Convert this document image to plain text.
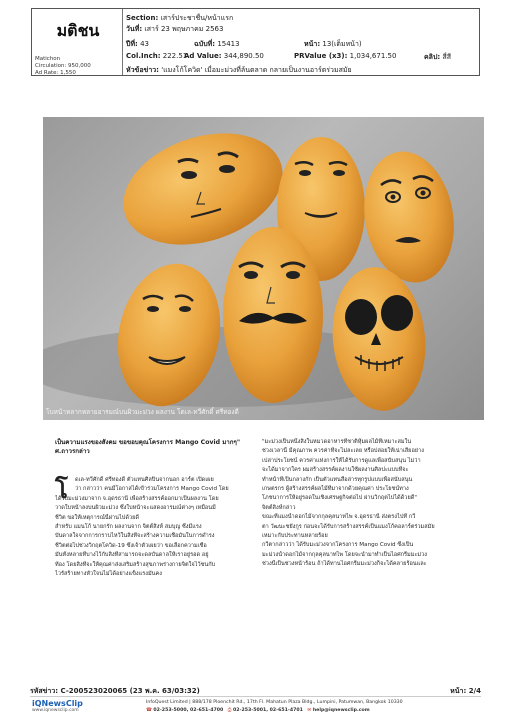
มติชน
Matichon
Circulation: 950,000
Ad Rate: 1,550
Section: เสาร์ประชาชื่น/หน้าแรก
วันที่: เสาร์ 23 พฤษภาคม 2563
ปีที่: 43	ฉบับที่: 15413	หน้า: 13(เต็มหน้า)
Col.Inch: 222.51
Ad Value: 344,890.50	PRValue (x3): 1,034,671.50	คลิป: สี่สี
หัวข้อข่าว: 'แมงโก้โควิด' เมื่อมะม่วงที่ล้นตลาด กลายเป็นงานอาร์ตร่วมสมัย
โบหน้าหลากหลายอารมณ์บนผิวมะม่วง ผลงาน โดเล-ทวีศักดิ์ ศรีทองดี
เป็นความแรงของสังคม ขอขอบคุณโครงการ Mango Covid มากๆ" ศ.ถาวรกล่าว
โ	ดเล-ทวีศักดิ์ ศรีทองดี ตัวแทนศิลปินจากนอก อาร์ต เปิดเผย
ว่า กล่าวว่า คนมีโอกาสได้เข้าร่วมโครงการ Mango Covid โดย
ได้รับมะม่วงมาจาก จ.อุดรธานี เพื่อสร้างสรรค์ออกมาเป็นผลงาน โดย
วาดใบหน้าลงบนผิวมะม่วง ซึ่งใบหน้าจะแสดงอารมณ์ต่างๆ เหมือนมี
ชีวิต ขอให้เหตุการณ์นี้ผ่านไปด้วยดี
สำหรับ แมนโก้ นายกรัก ผลงานจาก จิตต์สิงห์ สมบุญ ซึ่งมีแรง
บันดาลใจจากการกราบไหว้ในสิ่งที่จะสร้างความเชื่อมั่นในการดำรง
ชีวิตต่อไปช่วงวิกฤตโควิด-19 ซึ่งเจ้าตัวเผยว่า ขอเลือกความเชื่อ
มั่นทั้งหลายที่บางไว้กับสิ่งที่สามารถจะดลบันดาลให้เราอยู่รอด อยู่
ท้อง โดยสิ่งที่จะให้คุณค่าส่งเสริมสร้างสุขภาพร่างกายจิตใจไว้ชนกับ
ไวรัสร้ายทางหัวใจนไม่ได้อย่างแข็งแรงมั่นคง
"มะม่วงเป็นหนึ่งสิ่งในหมวดอาหารที่ชาติหุ้มผลไม้ที่เหมาะสมใน
ช่วงเวลานี้ มีคุณภาพ ควรค่าที่จะไม่ละเลย หรือปล่อยให้เน่าเสียอย่าง
เปล่าประโยชน์ ควรค่าแห่งการให้ได้รับการดูแลเพื่อสนับสนุน ไม่ว่า
จะได้มาจากใคร ผมสร้างสรรค์ผลงานใช้ผลงานศิลปะแบบที่จะ
ทำหน้าที่เป็นกลางกัก เป็นตัวแทนสื่อสารทุกรูปแบบเพื่อสนับสนุน
เกษตรกร ผู้สร้างสรรค์ผลไม้ที่มาจากด้วยคุณค่า ประโยชน์ทาง
โภชนาการให้อยู่รอดในเชิงเศรษฐกิจต่อไป ผ่านวิกฤตไปได้ด้วยดี"
จิตต์สิงห์กล่าว
ขณะที่แมงน้ำดอกไม้จากกุลคุลนาทไพ จ.อุดรธานี ส่งตรงไปที่ กวี
ตา วัฒนะชยังกูร ก่อนจะได้รับการสร้างสรรค์เป็นแมงโก้คอลาร์ตร่วมสมัย
เหมาะกับประทานหลายร้อย
กวีตากล่าวว่า ได้รับมะม่วงจากโครงการ Mango Covid ซึ่งเป็น
มะม่วงน้ำดอกไม้จากกุลคุลนาทไพ โดยจะนำมาทำเป็นไอศกรีมมะม่วง
ช่วงนี้เป็นช่วงหน้าร้อน ถ้าได้ทานไอศกรีมมะม่วงก็จะได้คลายร้อนและ
รหัสข่าว: C-200523020065 (23 พ.ค. 63/03:32)	หน้า: 2/4
iQNewsClip
www.iqnewsclip.com
InfoQuest Limited | 888/178 Ploenchit Rd., 17th Fl. Mahatun Plaza Bldg., Lumpini, Patumwan, Bangkok 10330
☎ 02-253-5000, 02-651-4700 ⎙ 02-253-5001, 02-651-4701 ✉ help@iqnewsclip.com
